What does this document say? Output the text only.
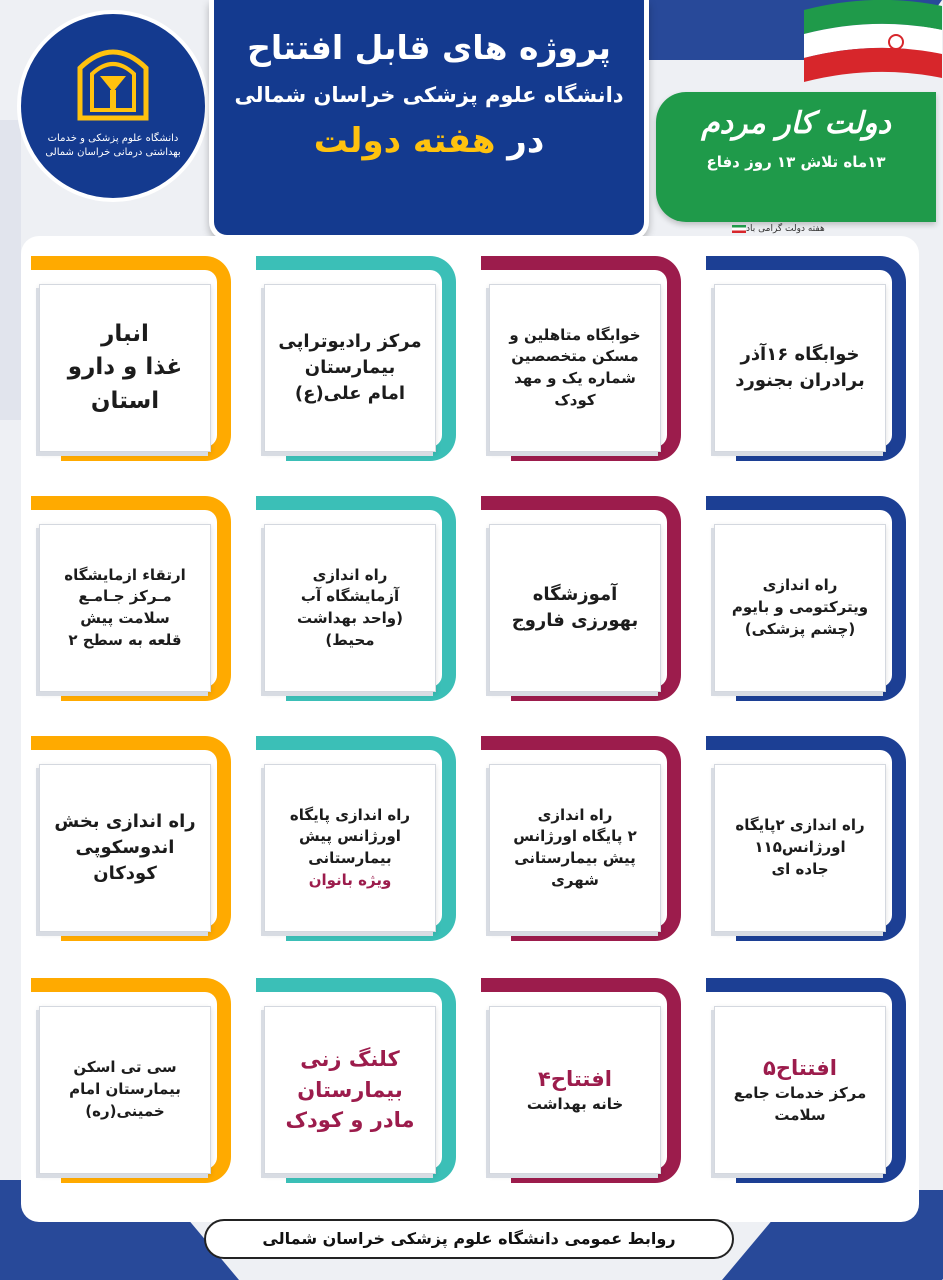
دانشگاه علوم پزشکی و خدمات بهداشتی درمانی خراسان شمالی
پروژه های قابل افتتاح
دانشگاه علوم پزشکی خراسان شمالی
در هفته دولت	دولت کار مردم
۱۳ماه تلاش ۱۳ روز دفاع
هفته دولت گرامی باد
خوابگاه ۱۶آذر
برادران بجنورد
خوابگاه متاهلین و
مسکن متخصصین
شماره یک و مهد
کودک
مرکز رادیوتراپی
بیمارستان
امام علی(ع)
انبار
غذا و دارو
استان
راه اندازی
ویترکتومی و بایوم
(چشم پزشکی)
آموزشگاه
بهورزی فاروج
راه اندازی
آزمایشگاه آب
(واحد بهداشت
محیط)
ارتقاء ازمایشگاه
مـرکز جـامـع
سلامت پیش
قلعه به سطح ۲
راه اندازی ۲پایگاه
اورژانس۱۱۵
جاده ای
راه اندازی
۲ پایگاه اورژانس
پیش بیمارستانی
شهری
راه اندازی پایگاه
اورژانس پیش
بیمارستانی
ویژه بانوان
راه اندازی بخش
اندوسکوپی
کودکان
افتتاح۵
مرکز خدمات جامع
سلامت
افتتاح۴
خانه بهداشت
کلنگ زنی
بیمارستان
مادر و کودک
سی تی اسکن
بیمارستان امام
خمینی(ره)
روابط عمومی دانشگاه علوم پزشکی خراسان شمالی
